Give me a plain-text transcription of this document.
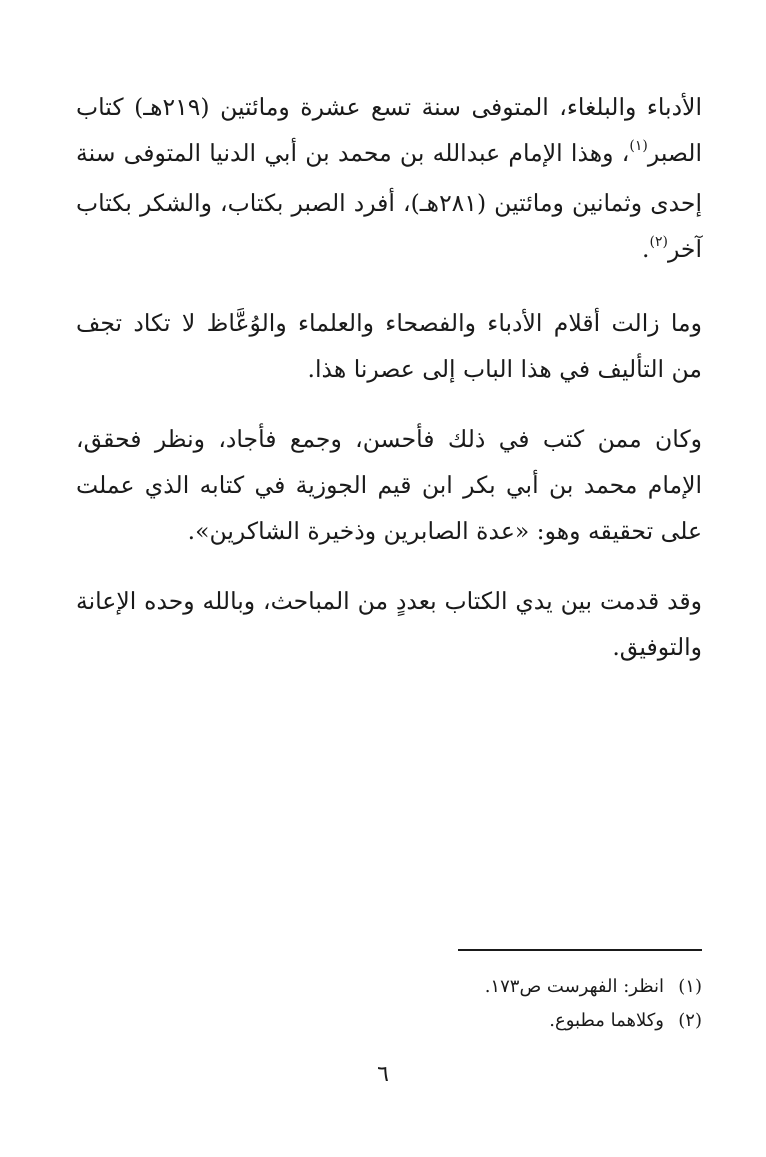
الأدباء والبلغاء، المتوفى سنة تسع عشرة ومائتين (٢١٩هـ) كتاب الصبر$^{(١)}$، وهذا الإمام عبدالله بن محمد بن أبي الدنيا المتوفى سنة إحدى وثمانين ومائتين (٢٨١هـ)، أفرد الصبر بكتاب، والشكر بكتاب آخر$^{(٢)}$.

وما زالت أقلام الأدباء والفصحاء والعلماء والوُعَّاظ لا تكاد تجف من التأليف في هذا الباب إلى عصرنا هذا.

وكان ممن كتب في ذلك فأحسن، وجمع فأجاد، ونظر فحقق، الإمام محمد بن أبي بكر ابن قيم الجوزية في كتابه الذي عملت على تحقيقه وهو: «عدة الصابرين وذخيرة الشاكرين».

وقد قدمت بين يدي الكتاب بعددٍ من المباحث، وبالله وحده الإعانة والتوفيق.

(١)انظر: الفهرست ص١٧٣.
(٢)وكلاهما مطبوع.
٦
